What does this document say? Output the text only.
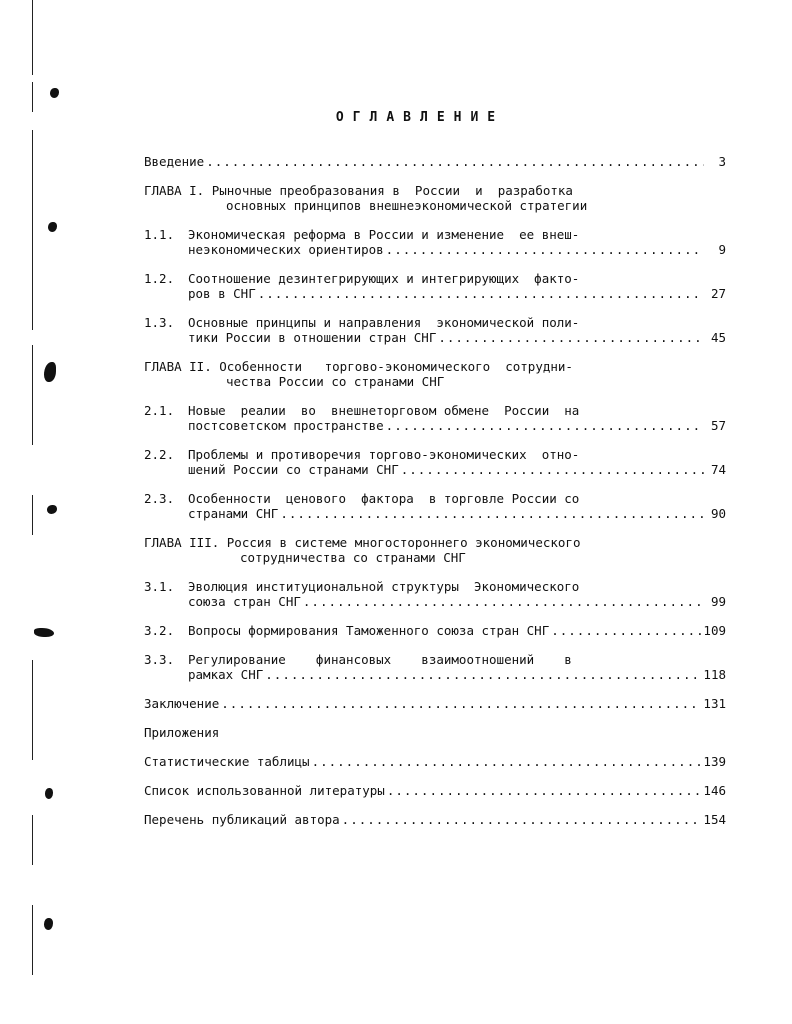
ОГЛАВЛЕНИЕ
Введение .....	3
ГЛАВА I. Рыночные преобразования в  России  и  разработка
основных принципов внешнеэкономической стратегии
1.1.	Экономическая реформа в России и изменение  ее внеш-
неэкономических ориентиров .....	9
1.2.	Соотношение дезинтегрирующих и интегрирующих  факто-
ров в СНГ .....	27
1.3.	Основные принципы и направления  экономической поли-
тики России в отношении стран СНГ .....	45
ГЛАВА II. Особенности   торгово-экономического  сотрудни-
чества России со странами СНГ
2.1.	Новые  реалии  во  внешнеторговом обмене  России  на
постсоветском пространстве .....	57
2.2.	Проблемы и противоречия торгово-экономических  отно-
шений России со странами СНГ .....	74
2.3.	Особенности  ценового  фактора  в торговле России со
странами СНГ .....	90
ГЛАВА III. Россия в системе многостороннего экономического
сотрудничества со странами СНГ
3.1.	Эволюция институциональной структуры  Экономического
союза стран СНГ .....	99
3.2.	Вопросы формирования Таможенного союза стран СНГ .....	109
3.3.	Регулирование    финансовых    взаимоотношений    в
рамках СНГ .....	118
Заключение .....	131
Приложения
Статистические таблицы .....	139
Список использованной литературы .....	146
Перечень публикаций автора .....	154
